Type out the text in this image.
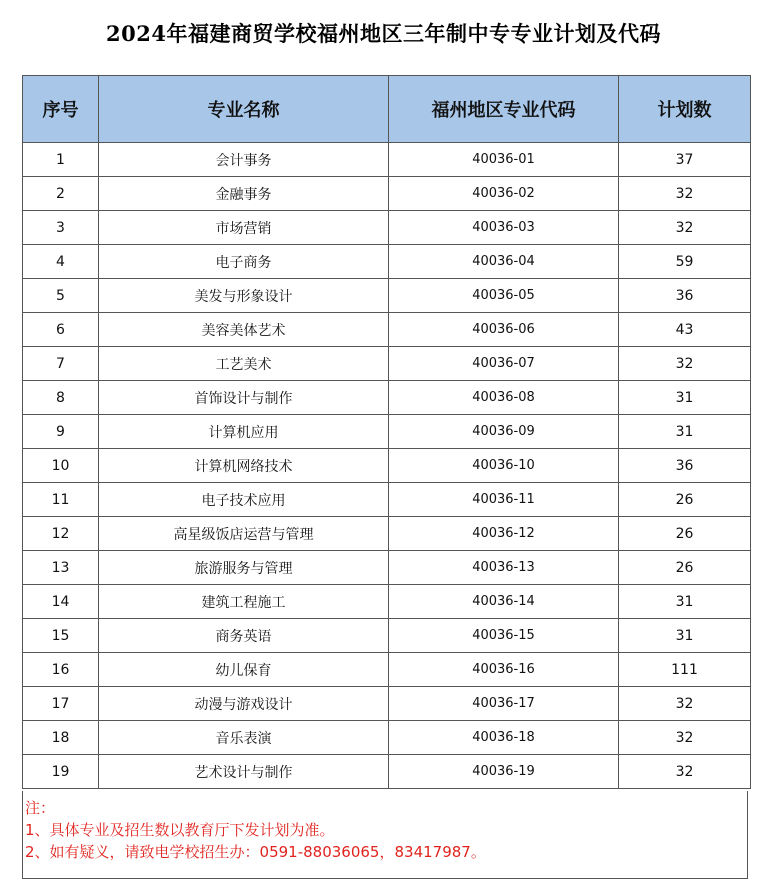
2024年福建商贸学校福州地区三年制中专专业计划及代码
序号	专业名称	福州地区专业代码	计划数
1	会计事务	40036-01	37
2	金融事务	40036-02	32
3	市场营销	40036-03	32
4	电子商务	40036-04	59
5	美发与形象设计	40036-05	36
6	美容美体艺术	40036-06	43
7	工艺美术	40036-07	32
8	首饰设计与制作	40036-08	31
9	计算机应用	40036-09	31
10	计算机网络技术	40036-10	36
11	电子技术应用	40036-11	26
12	高星级饭店运营与管理	40036-12	26
13	旅游服务与管理	40036-13	26
14	建筑工程施工	40036-14	31
15	商务英语	40036-15	31
16	幼儿保育	40036-16	111
17	动漫与游戏设计	40036-17	32
18	音乐表演	40036-18	32
19	艺术设计与制作	40036-19	32
注：
1、具体专业及招生数以教育厅下发计划为准。
2、如有疑义，请致电学校招生办：0591-88036065，83417987。
